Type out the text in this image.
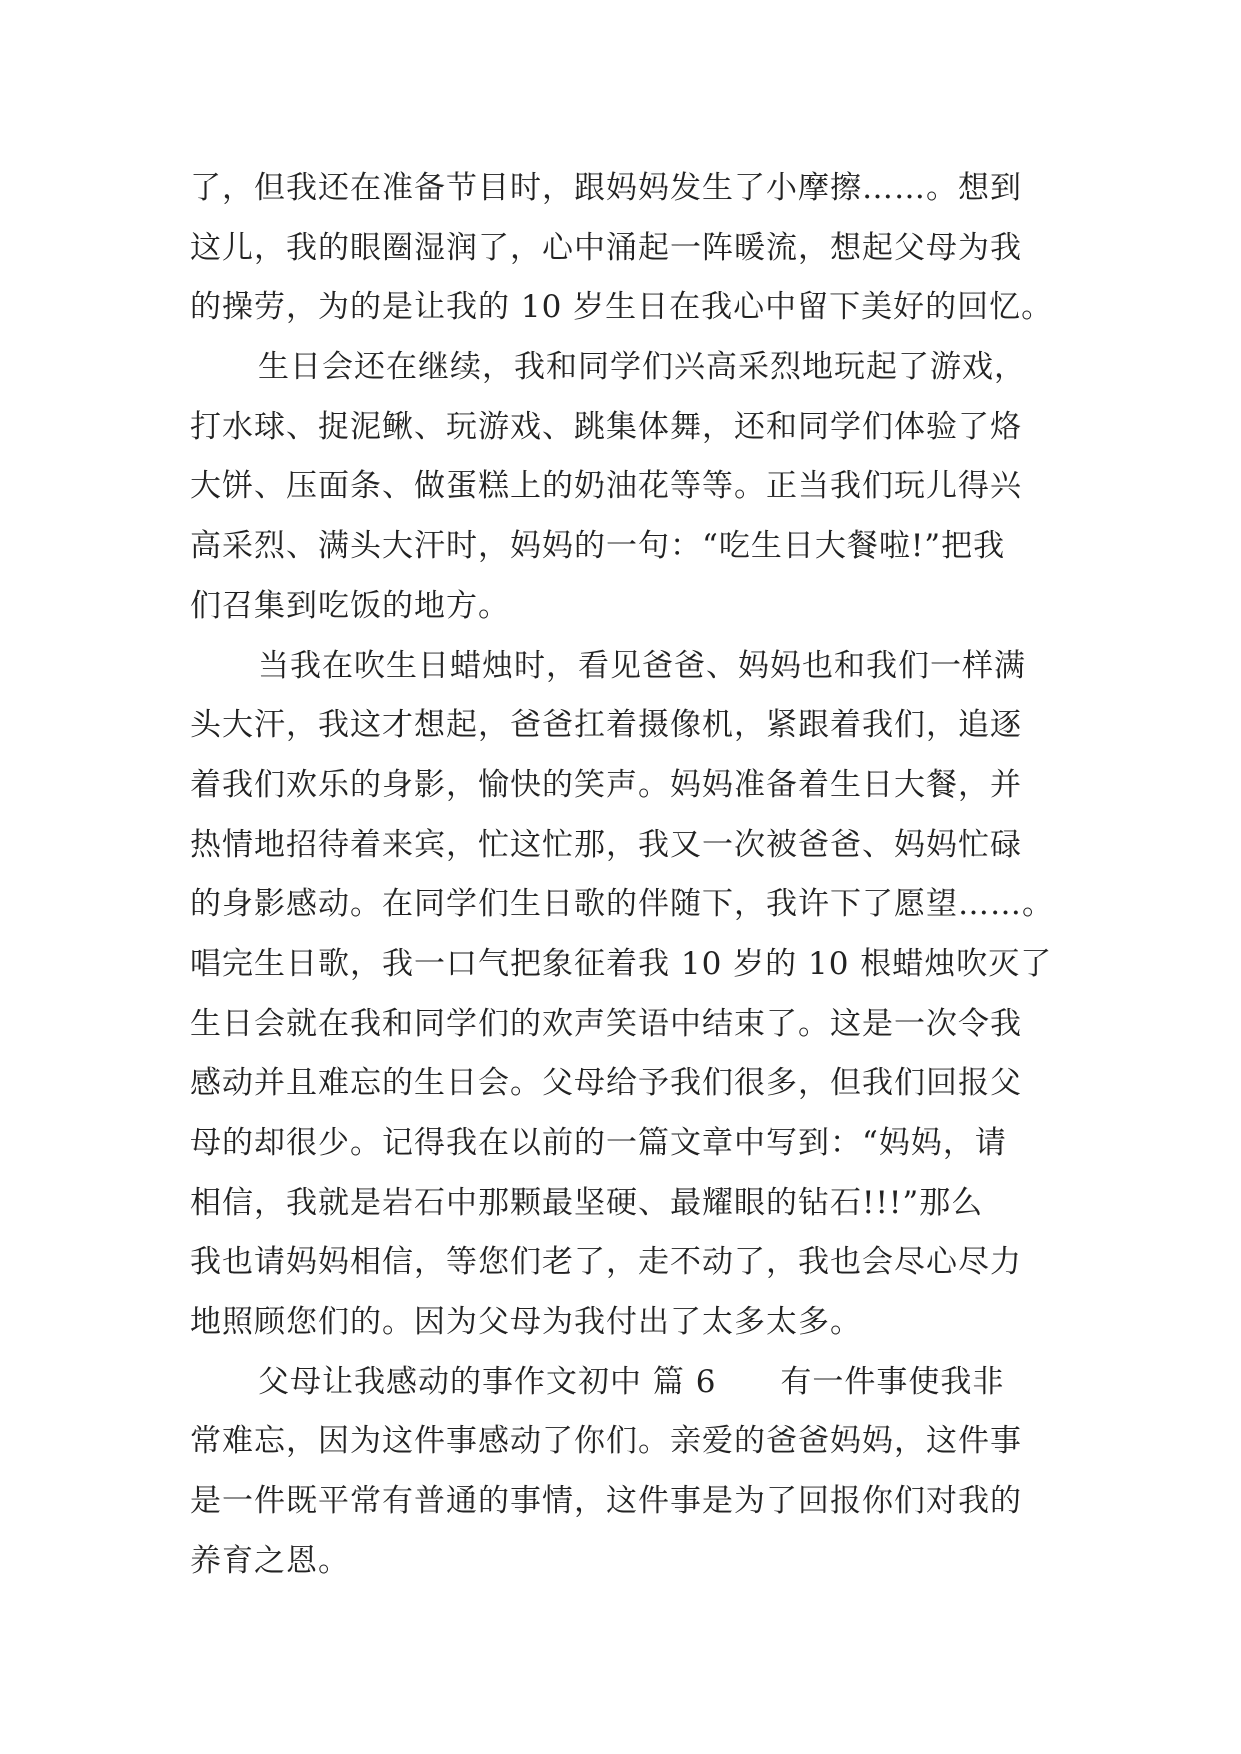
了，但我还在准备节目时，跟妈妈发生了小摩擦……。想到
这儿，我的眼圈湿润了，心中涌起一阵暖流，想起父母为我
的操劳，为的是让我的 10 岁生日在我心中留下美好的回忆。
生日会还在继续，我和同学们兴高采烈地玩起了游戏，
打水球、捉泥鳅、玩游戏、跳集体舞，还和同学们体验了烙
大饼、压面条、做蛋糕上的奶油花等等。正当我们玩儿得兴
高采烈、满头大汗时，妈妈的一句：“吃生日大餐啦!”把我
们召集到吃饭的地方。
当我在吹生日蜡烛时，看见爸爸、妈妈也和我们一样满
头大汗，我这才想起，爸爸扛着摄像机，紧跟着我们，追逐
着我们欢乐的身影，愉快的笑声。妈妈准备着生日大餐，并
热情地招待着来宾，忙这忙那，我又一次被爸爸、妈妈忙碌
的身影感动。在同学们生日歌的伴随下，我许下了愿望……。
唱完生日歌，我一口气把象征着我 10 岁的 10 根蜡烛吹灭了
生日会就在我和同学们的欢声笑语中结束了。这是一次令我
感动并且难忘的生日会。父母给予我们很多，但我们回报父
母的却很少。记得我在以前的一篇文章中写到：“妈妈，请
相信，我就是岩石中那颗最坚硬、最耀眼的钻石!!!”那么
我也请妈妈相信，等您们老了，走不动了，我也会尽心尽力
地照顾您们的。因为父母为我付出了太多太多。
父母让我感动的事作文初中 篇 6　　有一件事使我非
常难忘，因为这件事感动了你们。亲爱的爸爸妈妈，这件事
是一件既平常有普通的事情，这件事是为了回报你们对我的
养育之恩。
